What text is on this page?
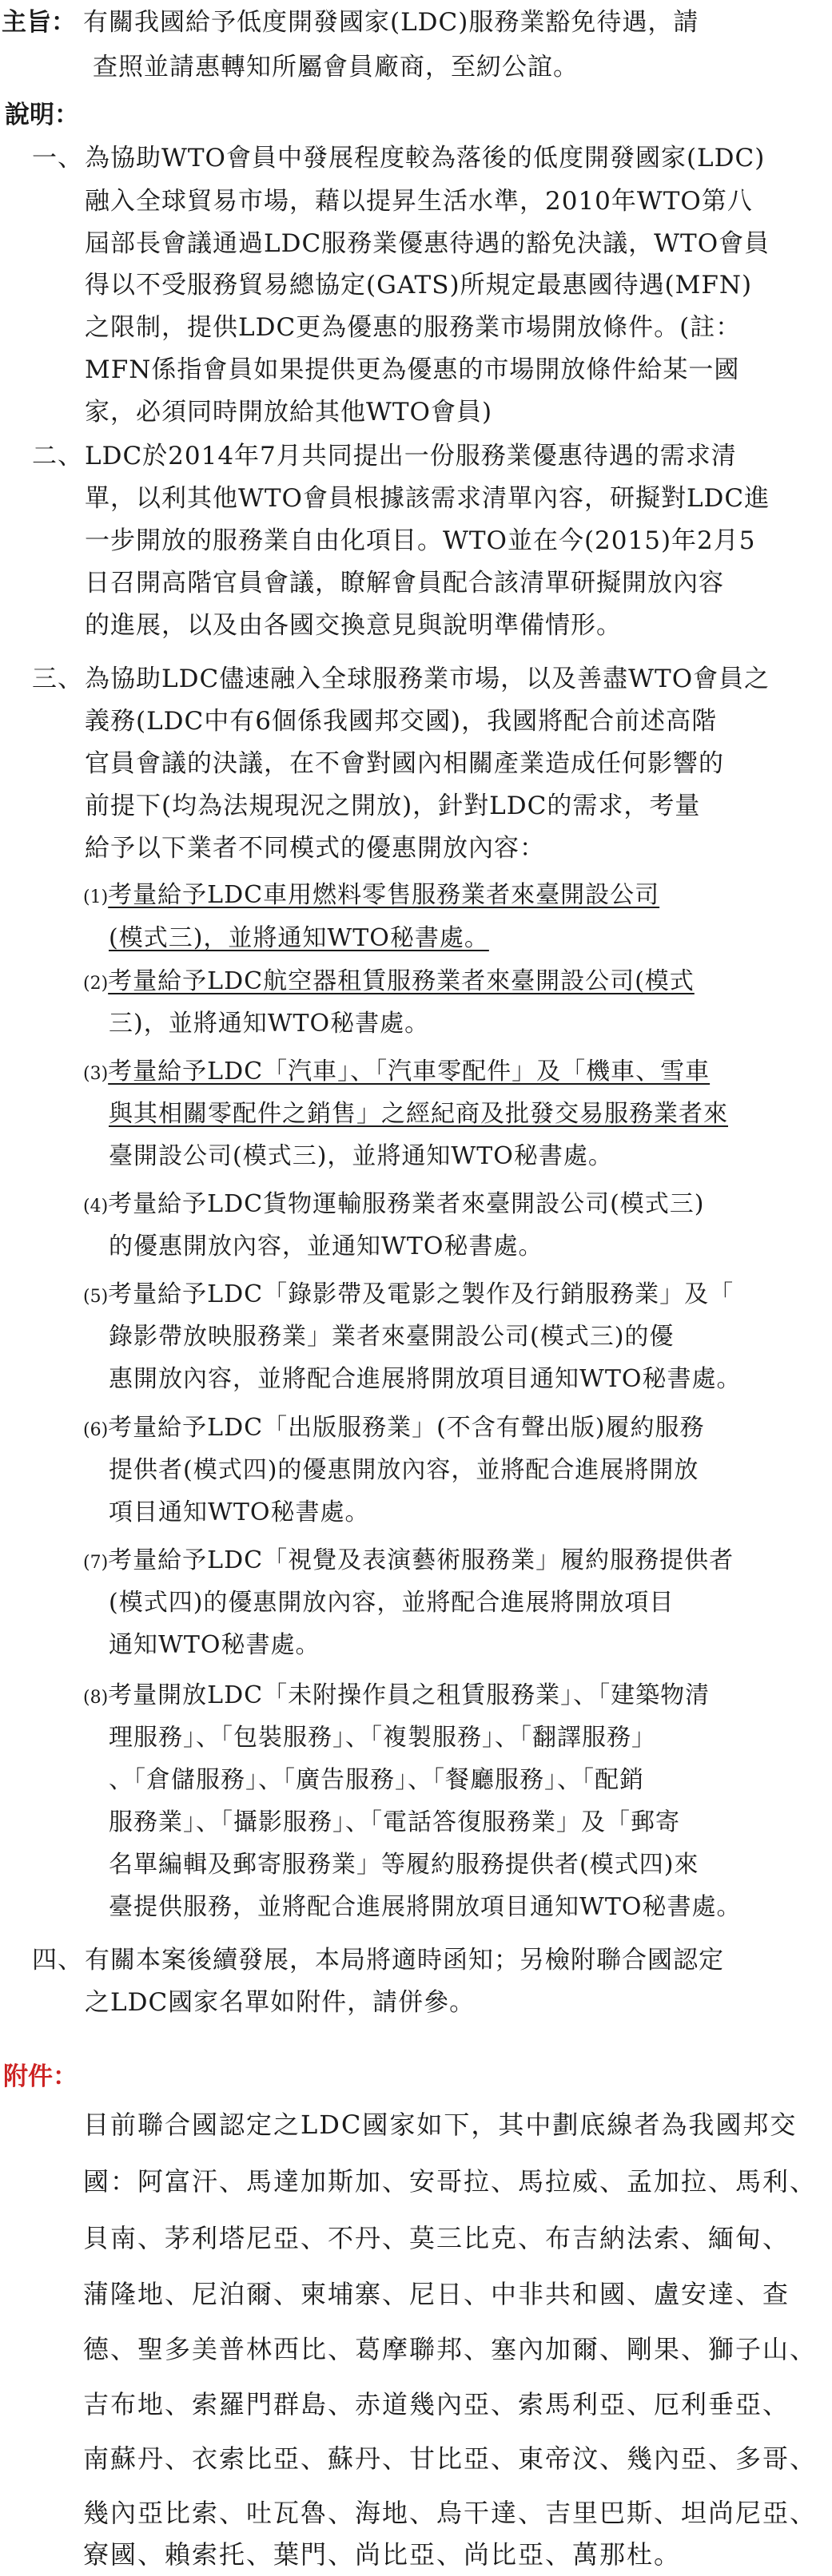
主旨： 有關我國給予低度開發國家(LDC)服務業豁免待遇，請
查照並請惠轉知所屬會員廠商，至紉公誼。
說明：
一、 為協助WTO會員中發展程度較為落後的低度開發國家(LDC)
融入全球貿易市場，藉以提昇生活水準，2010年WTO第八
屆部長會議通過LDC服務業優惠待遇的豁免決議，WTO會員
得以不受服務貿易總協定(GATS)所規定最惠國待遇(MFN)
之限制，提供LDC更為優惠的服務業市場開放條件。(註：
MFN係指會員如果提供更為優惠的市場開放條件給某一國
家，必須同時開放給其他WTO會員)
二、 LDC於2014年7月共同提出一份服務業優惠待遇的需求清
單，以利其他WTO會員根據該需求清單內容，研擬對LDC進
一步開放的服務業自由化項目。WTO並在今(2015)年2月5
日召開高階官員會議，瞭解會員配合該清單研擬開放內容
的進展，以及由各國交換意見與說明準備情形。
三、 為協助LDC儘速融入全球服務業市場，以及善盡WTO會員之
義務(LDC中有6個係我國邦交國)，我國將配合前述高階
官員會議的決議，在不會對國內相關產業造成任何影響的
前提下(均為法規現況之開放)，針對LDC的需求，考量
給予以下業者不同模式的優惠開放內容：
(1)考量給予LDC車用燃料零售服務業者來臺開設公司
(模式三)，並將通知WTO秘書處。
(2)考量給予LDC航空器租賃服務業者來臺開設公司(模式
三)，並將通知WTO秘書處。
(3)考量給予LDC「汽車」、「汽車零配件」及「機車、雪車
與其相關零配件之銷售」之經紀商及批發交易服務業者來
臺開設公司(模式三)，並將通知WTO秘書處。
(4)考量給予LDC貨物運輸服務業者來臺開設公司(模式三)
的優惠開放內容，並通知WTO秘書處。
(5)考量給予LDC「錄影帶及電影之製作及行銷服務業」及「
錄影帶放映服務業」業者來臺開設公司(模式三)的優
惠開放內容，並將配合進展將開放項目通知WTO秘書處。
(6)考量給予LDC「出版服務業」(不含有聲出版)履約服務
提供者(模式四)的優惠開放內容，並將配合進展將開放
項目通知WTO秘書處。
(7)考量給予LDC「視覺及表演藝術服務業」履約服務提供者
(模式四)的優惠開放內容，並將配合進展將開放項目
通知WTO秘書處。
(8)考量開放LDC「未附操作員之租賃服務業」、「建築物清
理服務」、「包裝服務」、「複製服務」、「翻譯服務」
、「倉儲服務」、「廣告服務」、「餐廳服務」、「配銷
服務業」、「攝影服務」、「電話答復服務業」及「郵寄
名單編輯及郵寄服務業」等履約服務提供者(模式四)來
臺提供服務，並將配合進展將開放項目通知WTO秘書處。
四、 有關本案後續發展，本局將適時函知；另檢附聯合國認定
之LDC國家名單如附件，請併參。
附件：
目前聯合國認定之LDC國家如下，其中劃底線者為我國邦交
國：阿富汗、馬達加斯加、安哥拉、馬拉威、孟加拉、馬利、
貝南、茅利塔尼亞、不丹、莫三比克、布吉納法索、緬甸、
蒲隆地、尼泊爾、柬埔寨、尼日、中非共和國、盧安達、查
德、聖多美普林西比、葛摩聯邦、塞內加爾、剛果、獅子山、
吉布地、索羅門群島、赤道幾內亞、索馬利亞、厄利垂亞、
南蘇丹、衣索比亞、蘇丹、甘比亞、東帝汶、幾內亞、多哥、
幾內亞比索、吐瓦魯、海地、烏干達、吉里巴斯、坦尚尼亞、
寮國、賴索托、葉門、尚比亞、尚比亞、萬那杜。
